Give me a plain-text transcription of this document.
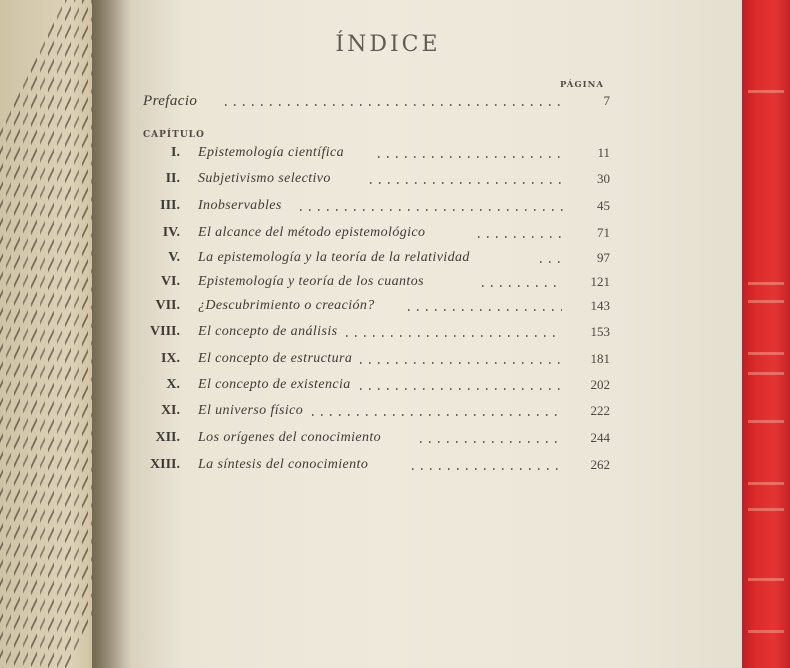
ÍNDICE
PÁGINA
Prefacio	7
CAPÍTULO
I. Epistemología científica	11
II. Subjetivismo selectivo	30
III. Inobservables	45
IV. El alcance del método epistemológico	71
V. La epistemología y la teoría de la relatividad	97
VI. Epistemología y teoría de los cuantos	121
VII. ¿Descubrimiento o creación?	143
VIII. El concepto de análisis	153
IX. El concepto de estructura	181
X. El concepto de existencia	202
XI. El universo físico	222
XII. Los orígenes del conocimiento	244
XIII. La síntesis del conocimiento	262
